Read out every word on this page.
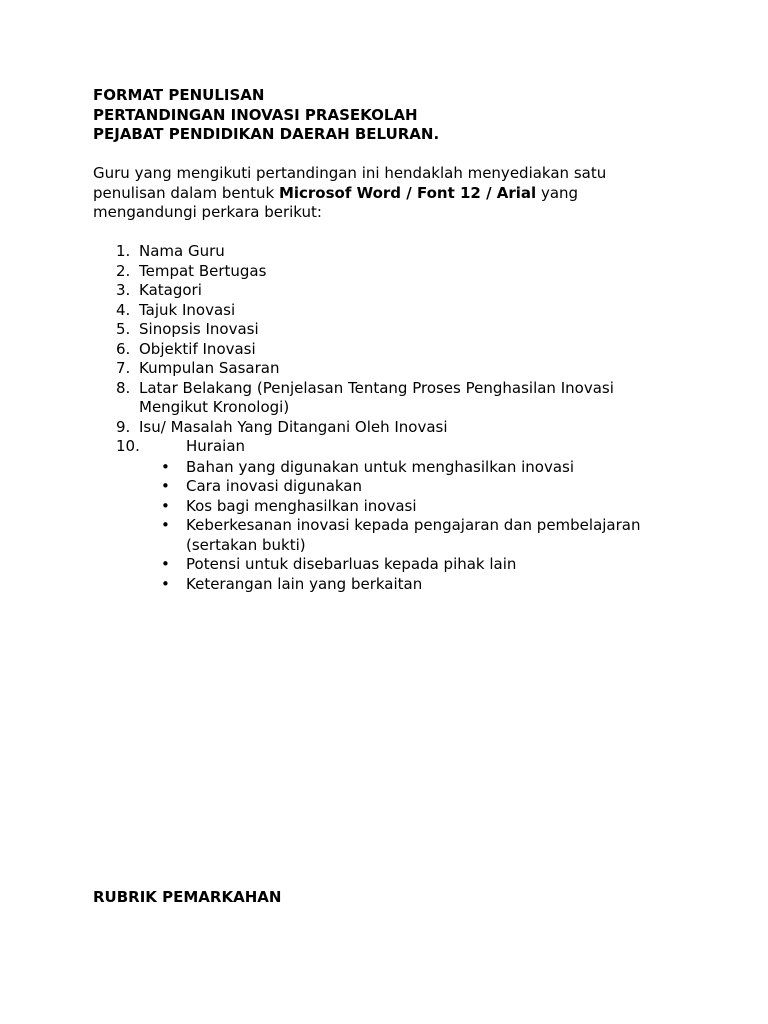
FORMAT PENULISAN
PERTANDINGAN INOVASI PRASEKOLAH
PEJABAT PENDIDIKAN DAERAH BELURAN.
Guru yang mengikuti pertandingan ini hendaklah menyediakan satu
penulisan dalam bentuk Microsof Word / Font 12 / Arial yang
mengandungi perkara berikut:
1. Nama Guru
2. Tempat Bertugas
3. Katagori
4. Tajuk Inovasi
5. Sinopsis Inovasi
6. Objektif Inovasi
7. Kumpulan Sasaran
8. Latar Belakang (Penjelasan Tentang Proses Penghasilan Inovasi
Mengikut Kronologi)
9. Isu/ Masalah Yang Ditangani Oleh Inovasi
10.	Huraian
• Bahan yang digunakan untuk menghasilkan inovasi
• Cara inovasi digunakan
• Kos bagi menghasilkan inovasi
• Keberkesanan inovasi kepada pengajaran dan pembelajaran
(sertakan bukti)
• Potensi untuk disebarluas kepada pihak lain
• Keterangan lain yang berkaitan
RUBRIK PEMARKAHAN
